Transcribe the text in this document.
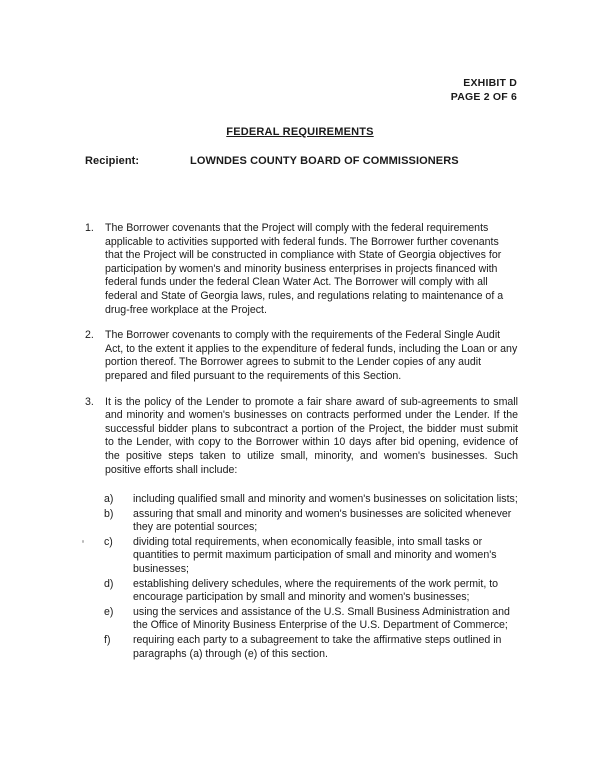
EXHIBIT D
PAGE 2 OF 6
FEDERAL REQUIREMENTS
Recipient:	LOWNDES COUNTY BOARD OF COMMISSIONERS
1.	The Borrower covenants that the Project will comply with the federal requirements applicable to activities supported with federal funds. The Borrower further covenants that the Project will be constructed in compliance with State of Georgia objectives for participation by women's and minority business enterprises in projects financed with federal funds under the federal Clean Water Act. The Borrower will comply with all federal and State of Georgia laws, rules, and regulations relating to maintenance of a drug-free workplace at the Project.
2.	The Borrower covenants to comply with the requirements of the Federal Single Audit Act, to the extent it applies to the expenditure of federal funds, including the Loan or any portion thereof. The Borrower agrees to submit to the Lender copies of any audit prepared and filed pursuant to the requirements of this Section.
3.	It is the policy of the Lender to promote a fair share award of sub-agreements to small and minority and women's businesses on contracts performed under the Lender. If the successful bidder plans to subcontract a portion of the Project, the bidder must submit to the Lender, with copy to the Borrower within 10 days after bid opening, evidence of the positive steps taken to utilize small, minority, and women's businesses. Such positive efforts shall include:
a)	including qualified small and minority and women's businesses on solicitation lists;
b)	assuring that small and minority and women's businesses are solicited whenever they are potential sources;
c)	dividing total requirements, when economically feasible, into small tasks or quantities to permit maximum participation of small and minority and women's businesses;
d)	establishing delivery schedules, where the requirements of the work permit, to encourage participation by small and minority and women's businesses;
e)	using the services and assistance of the U.S. Small Business Administration and the Office of Minority Business Enterprise of the U.S. Department of Commerce;
f)	requiring each party to a subagreement to take the affirmative steps outlined in paragraphs (a) through (e) of this section.
